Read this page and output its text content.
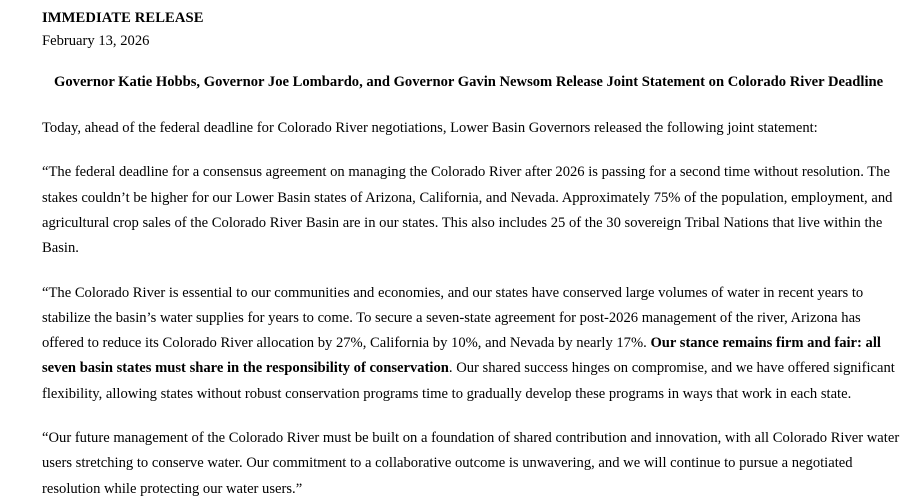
IMMEDIATE RELEASE

February 13, 2026

Governor Katie Hobbs, Governor Joe Lombardo, and Governor Gavin Newsom Release Joint Statement on Colorado River Deadline

Today, ahead of the federal deadline for Colorado River negotiations, Lower Basin Governors released the following joint statement:

“The federal deadline for a consensus agreement on managing the Colorado River after 2026 is passing for a second time without resolution. The stakes couldn’t be higher for our Lower Basin states of Arizona, California, and Nevada. Approximately 75% of the population, employment, and agricultural crop sales of the Colorado River Basin are in our states. This also includes 25 of the 30 sovereign Tribal Nations that live within the Basin.

“The Colorado River is essential to our communities and economies, and our states have conserved large volumes of water in recent years to stabilize the basin’s water supplies for years to come. To secure a seven-state agreement for post-2026 management of the river, Arizona has offered to reduce its Colorado River allocation by 27%, California by 10%, and Nevada by nearly 17%. Our stance remains firm and fair: all seven basin states must share in the responsibility of conservation. Our shared success hinges on compromise, and we have offered significant flexibility, allowing states without robust conservation programs time to gradually develop these programs in ways that work in each state.

“Our future management of the Colorado River must be built on a foundation of shared contribution and innovation, with all Colorado River water users stretching to conserve water. Our commitment to a collaborative outcome is unwavering, and we will continue to pursue a negotiated resolution while protecting our water users.”
